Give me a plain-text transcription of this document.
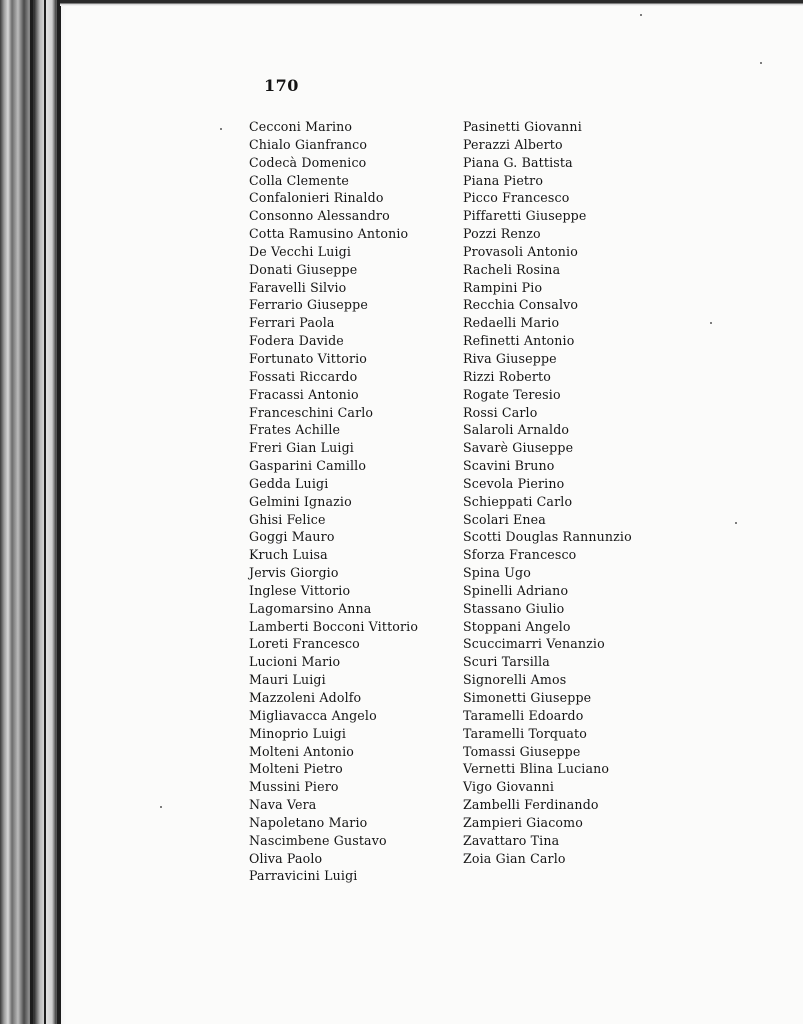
170
Cecconi Marino
Chialo Gianfranco
Codecà Domenico
Colla Clemente
Confalonieri Rinaldo
Consonno Alessandro
Cotta Ramusino Antonio
De Vecchi Luigi
Donati Giuseppe
Faravelli Silvio
Ferrario Giuseppe
Ferrari Paola
Fodera Davide
Fortunato Vittorio
Fossati Riccardo
Fracassi Antonio
Franceschini Carlo
Frates Achille
Freri Gian Luigi
Gasparini Camillo
Gedda Luigi
Gelmini Ignazio
Ghisi Felice
Goggi Mauro
Kruch Luisa
Jervis Giorgio
Inglese Vittorio
Lagomarsino Anna
Lamberti Bocconi Vittorio
Loreti Francesco
Lucioni Mario
Mauri Luigi
Mazzoleni Adolfo
Migliavacca Angelo
Minoprio Luigi
Molteni Antonio
Molteni Pietro
Mussini Piero
Nava Vera
Napoletano Mario
Nascimbene Gustavo
Oliva Paolo
Parravicini Luigi
Pasinetti Giovanni
Perazzi Alberto
Piana G. Battista
Piana Pietro
Picco Francesco
Piffaretti Giuseppe
Pozzi Renzo
Provasoli Antonio
Racheli Rosina
Rampini Pio
Recchia Consalvo
Redaelli Mario
Refinetti Antonio
Riva Giuseppe
Rizzi Roberto
Rogate Teresio
Rossi Carlo
Salaroli Arnaldo
Savarè Giuseppe
Scavini Bruno
Scevola Pierino
Schieppati Carlo
Scolari Enea
Scotti Douglas Rannunzio
Sforza Francesco
Spina Ugo
Spinelli Adriano
Stassano Giulio
Stoppani Angelo
Scuccimarri Venanzio
Scuri Tarsilla
Signorelli Amos
Simonetti Giuseppe
Taramelli Edoardo
Taramelli Torquato
Tomassi Giuseppe
Vernetti Blina Luciano
Vigo Giovanni
Zambelli Ferdinando
Zampieri Giacomo
Zavattaro Tina
Zoia Gian Carlo
